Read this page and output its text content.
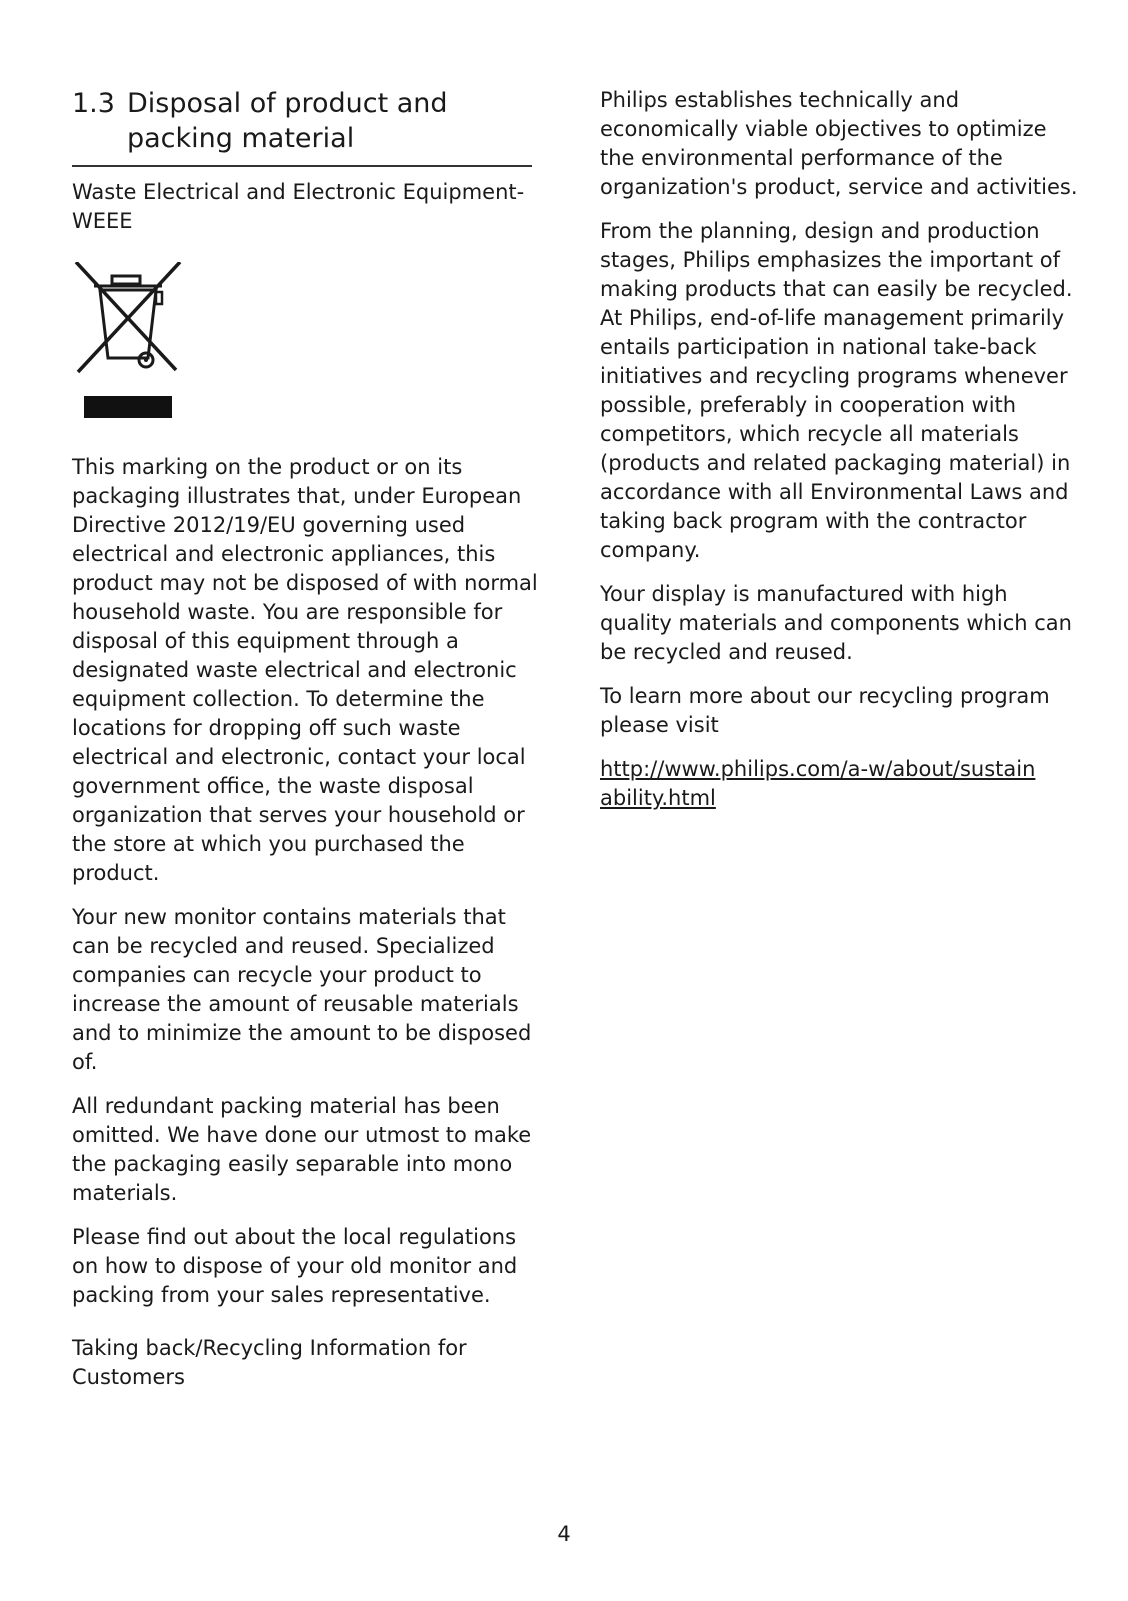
1.3 Disposal of product and packing material

Waste Electrical and Electronic Equipment-WEEE

This marking on the product or on its packaging illustrates that, under European Directive 2012/19/EU governing used electrical and electronic appliances, this product may not be disposed of with normal household waste. You are responsible for disposal of this equipment through a designated waste electrical and electronic equipment collection. To determine the locations for dropping off such waste electrical and electronic, contact your local government office, the waste disposal organization that serves your household or the store at which you purchased the product.

Your new monitor contains materials that can be recycled and reused. Specialized companies can recycle your product to increase the amount of reusable materials and to minimize the amount to be disposed of.

All redundant packing material has been omitted. We have done our utmost to make the packaging easily separable into mono materials.

Please find out about the local regulations on how to dispose of your old monitor and packing from your sales representative.

Taking back/Recycling Information for Customers

Philips establishes technically and economically viable objectives to optimize the environmental performance of the organization's product, service and activities.

From the planning, design and production stages, Philips emphasizes the important of making products that can easily be recycled. At Philips, end-of-life management primarily entails participation in national take-back initiatives and recycling programs whenever possible, preferably in cooperation with competitors, which recycle all materials (products and related packaging material) in accordance with all Environmental Laws and taking back program with the contractor company.

Your display is manufactured with high quality materials and components which can be recycled and reused.

To learn more about our recycling program please visit

http://www.philips.com/a-w/about/sustainability.html
4
